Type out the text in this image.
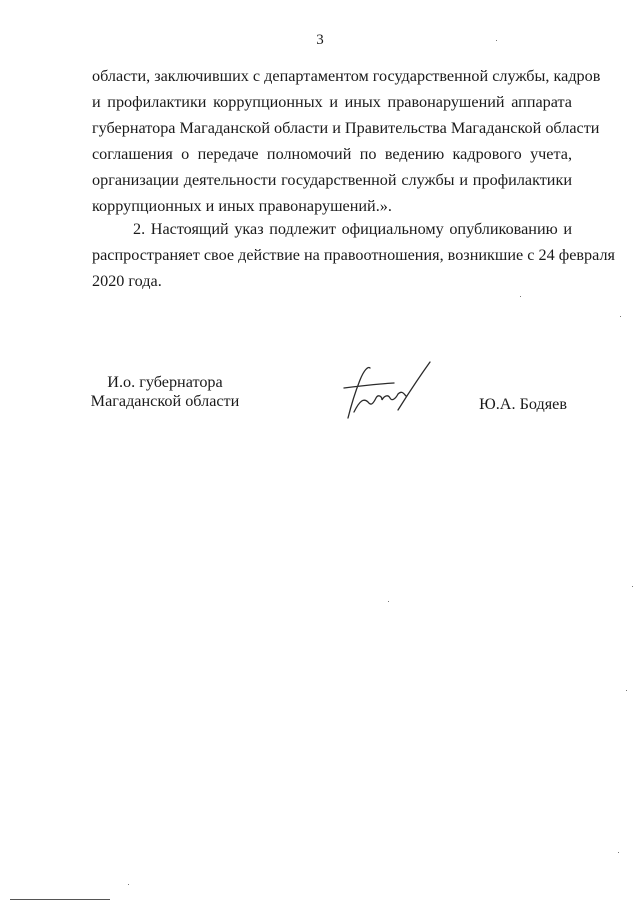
3
области, заключивших с департаментом государственной службы, кадров
и профилактики коррупционных и иных правонарушений аппарата
губернатора Магаданской области и Правительства Магаданской области
соглашения о передаче полномочий по ведению кадрового учета,
организации деятельности государственной службы и профилактики
коррупционных и иных правонарушений.».
2. Настоящий указ подлежит официальному опубликованию и
распространяет свое действие на правоотношения, возникшие с 24 февраля
2020 года.
И.о. губернатора
Магаданской области	Ю.А. Бодяев
